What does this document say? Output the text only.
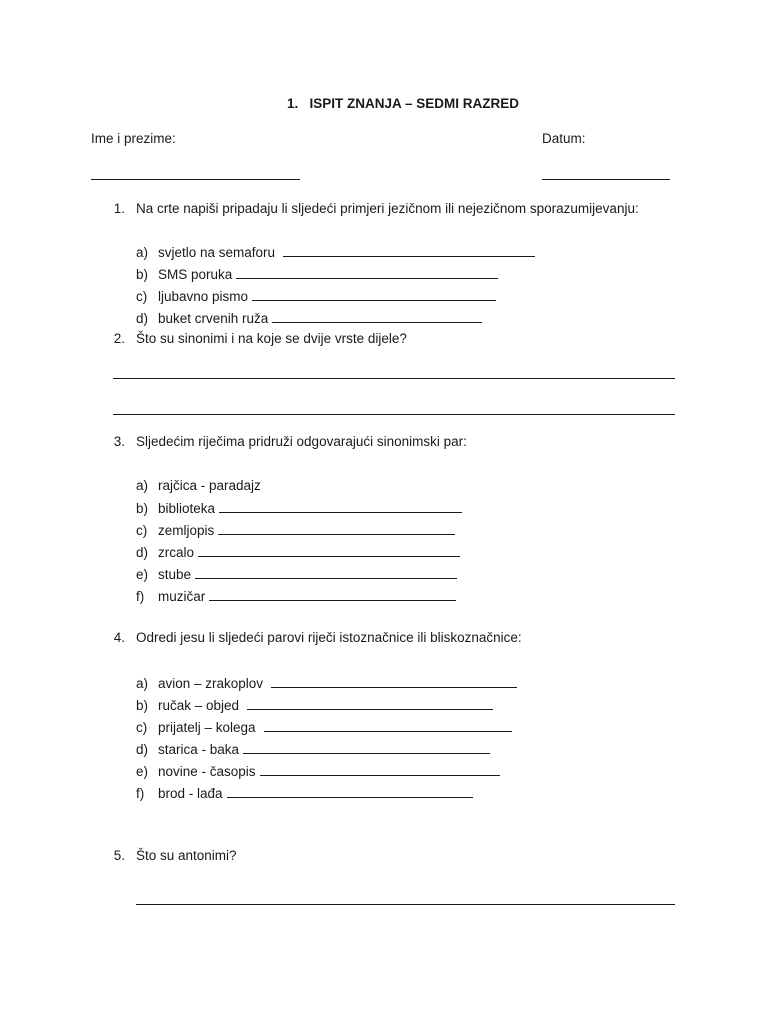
1. ISPIT ZNANJA – SEDMI RAZRED
Ime i prezime:	Datum:
1. Na crte napiši pripadaju li sljedeći primjeri jezičnom ili nejezičnom sporazumijevanju:
a) svjetlo na semaforu
b) SMS poruka
c) ljubavno pismo
d) buket crvenih ruža
2. Što su sinonimi i na koje se dvije vrste dijele?
3. Sljedećim riječima pridruži odgovarajući sinonimski par:
a) rajčica - paradajz
b) biblioteka
c) zemljopis
d) zrcalo
e) stube
f) muzičar
4. Odredi jesu li sljedeći parovi riječi istoznačnice ili bliskoznačnice:
a) avion – zrakoplov
b) ručak – objed
c) prijatelj – kolega
d) starica - baka
e) novine - časopis
f) brod - lađa
5. Što su antonimi?
